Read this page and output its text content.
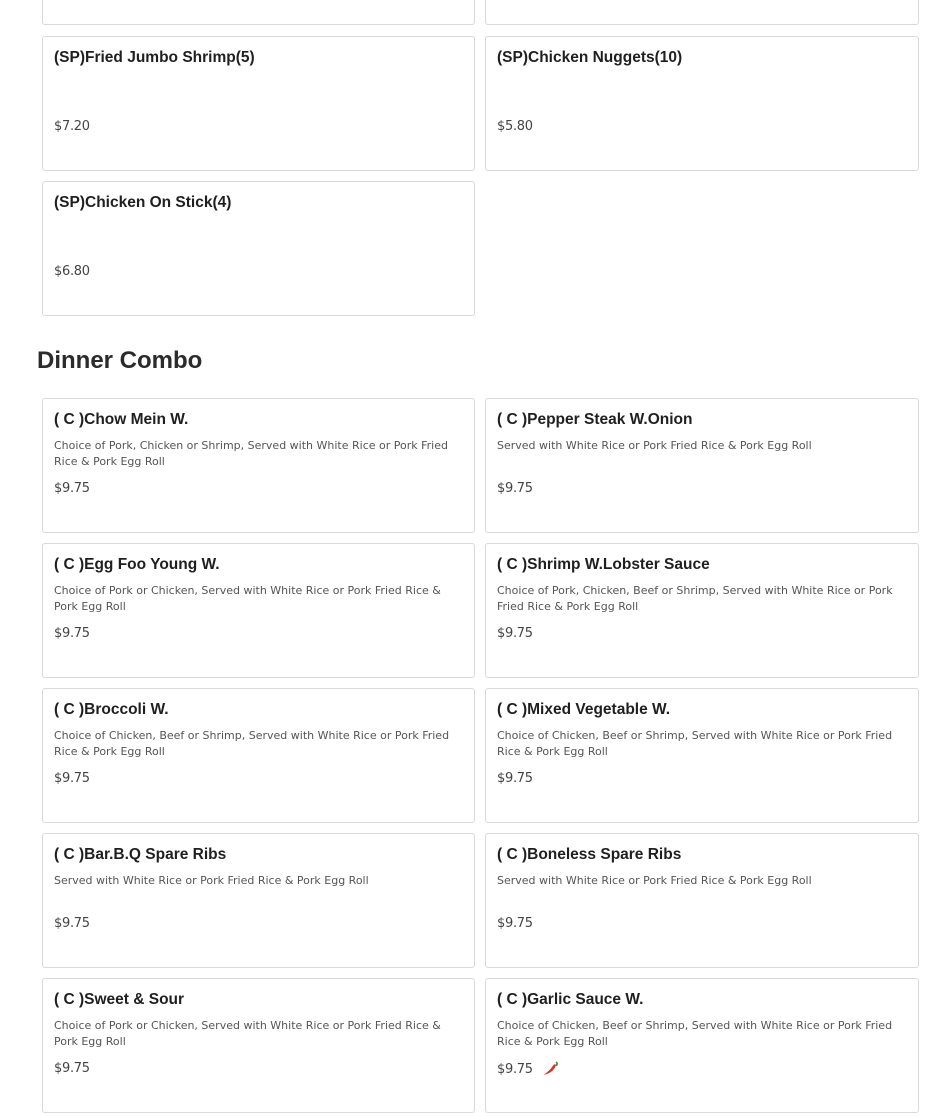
(SP)Fried Jumbo Shrimp(5)
$7.20
(SP)Chicken Nuggets(10)
$5.80
(SP)Chicken On Stick(4)
$6.80
Dinner Combo
( C )Chow Mein W.
Choice of Pork, Chicken or Shrimp, Served with White Rice or Pork Fried Rice & Pork Egg Roll
$9.75
( C )Pepper Steak W.Onion
Served with White Rice or Pork Fried Rice & Pork Egg Roll
$9.75
( C )Egg Foo Young W.
Choice of Pork or Chicken, Served with White Rice or Pork Fried Rice & Pork Egg Roll
$9.75
( C )Shrimp W.Lobster Sauce
Choice of Pork, Chicken, Beef or Shrimp, Served with White Rice or Pork Fried Rice & Pork Egg Roll
$9.75
( C )Broccoli W.
Choice of Chicken, Beef or Shrimp, Served with White Rice or Pork Fried Rice & Pork Egg Roll
$9.75
( C )Mixed Vegetable W.
Choice of Chicken, Beef or Shrimp, Served with White Rice or Pork Fried Rice & Pork Egg Roll
$9.75
( C )Bar.B.Q Spare Ribs
Served with White Rice or Pork Fried Rice & Pork Egg Roll
$9.75
( C )Boneless Spare Ribs
Served with White Rice or Pork Fried Rice & Pork Egg Roll
$9.75
( C )Sweet & Sour
Choice of Pork or Chicken, Served with White Rice or Pork Fried Rice & Pork Egg Roll
$9.75
( C )Garlic Sauce W.
Choice of Chicken, Beef or Shrimp, Served with White Rice or Pork Fried Rice & Pork Egg Roll
$9.75
